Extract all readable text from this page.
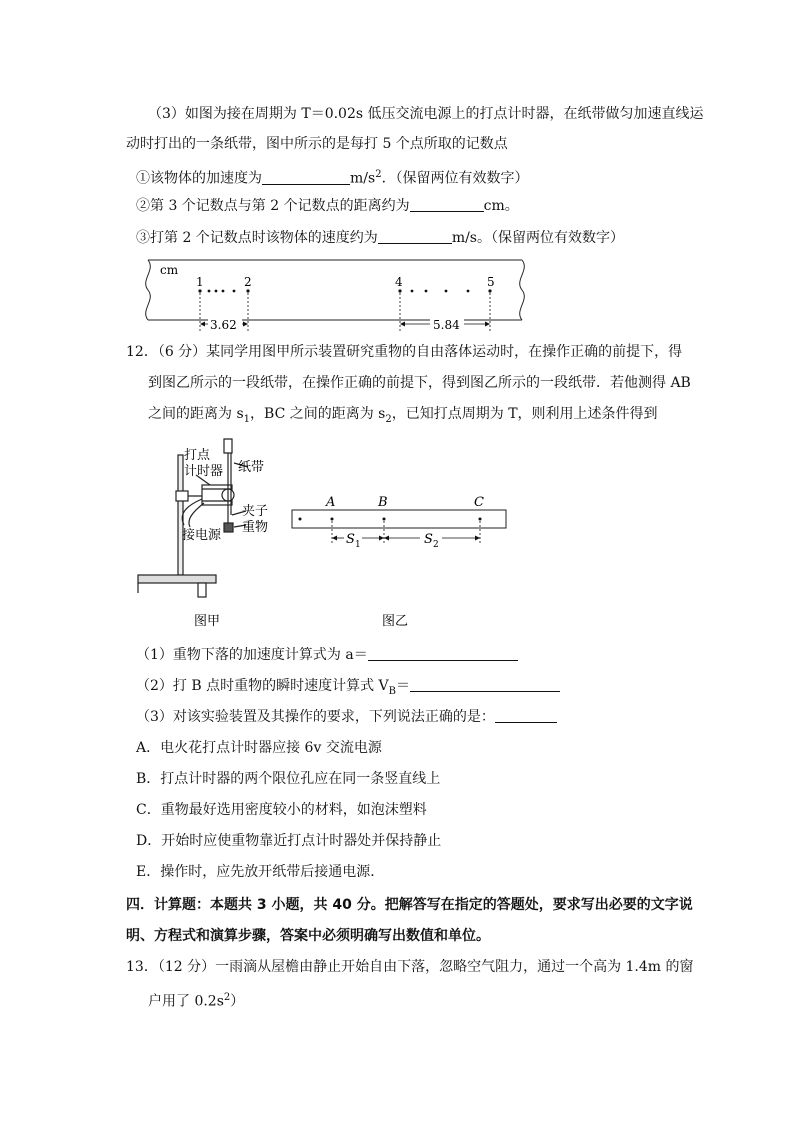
（3）如图为接在周期为 T＝0.02s 低压交流电源上的打点计时器，在纸带做匀加速直线运
动时打出的一条纸带，图中所示的是每打 5 个点所取的记数点
①该物体的加速度为	$m/s^2$．（保留两位有效数字）
②第 3 个记数点与第 2 个记数点的距离约为	cm。
③打第 2 个记数点时该物体的速度约为	m/s。（保留两位有效数字）
cm
1	2	4	5
3.62	5.84
12．（6 分）某同学用图甲所示装置研究重物的自由落体运动时，在操作正确的前提下，得
到图乙所示的一段纸带，在操作正确的前提下，得到图乙所示的一段纸带．若他测得 AB
之间的距离为 $s_1$，BC 之间的距离为 $s_2$，已知打点周期为 T，则利用上述条件得到
打点
计时器 纸带
夹子
重物
接电源
图甲
A	B	C
S 1	S 2
图乙
（1）重物下落的加速度计算式为 a＝
（2）打 B 点时重物的瞬时速度计算式 $V_B=$
（3）对该实验装置及其操作的要求，下列说法正确的是：
A．电火花打点计时器应接 6v 交流电源
B．打点计时器的两个限位孔应在同一条竖直线上
C．重物最好选用密度较小的材料，如泡沫塑料
D．开始时应使重物靠近打点计时器处并保持静止
E．操作时，应先放开纸带后接通电源．
四．计算题：本题共 3 小题，共 40 分。把解答写在指定的答题处，要求写出必要的文字说
明、方程式和演算步骤，答案中必须明确写出数值和单位。
13．（12 分）一雨滴从屋檐由静止开始自由下落，忽略空气阻力，通过一个高为 1.4m 的窗
户用了 $0.2s^2$）
